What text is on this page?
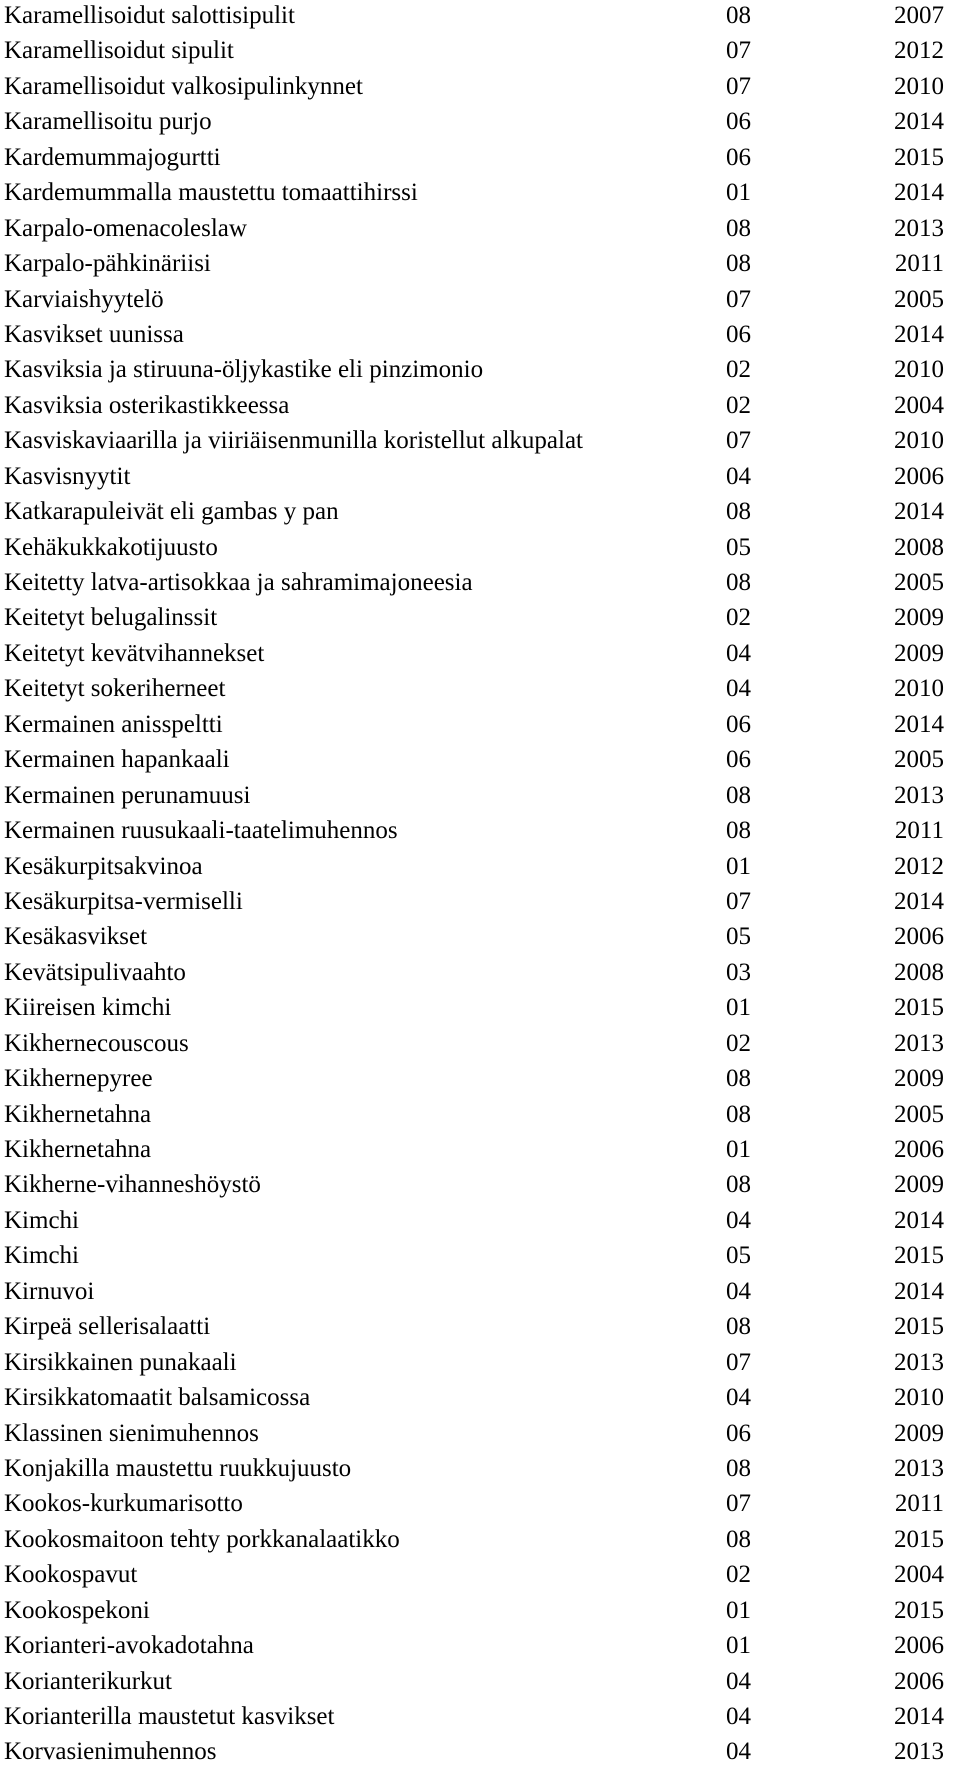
Karamellisoidut salottisipulit	08	2007
Karamellisoidut sipulit	07	2012
Karamellisoidut valkosipulinkynnet	07	2010
Karamellisoitu purjo	06	2014
Kardemummajogurtti	06	2015
Kardemummalla maustettu tomaattihirssi	01	2014
Karpalo-omenacoleslaw	08	2013
Karpalo-pähkinäriisi	08	2011
Karviaishyytelö	07	2005
Kasvikset uunissa	06	2014
Kasviksia ja stiruuna-öljykastike eli pinzimonio	02	2010
Kasviksia osterikastikkeessa	02	2004
Kasviskaviaarilla ja viiriäisenmunilla koristellut alkupalat	07	2010
Kasvisnyytit	04	2006
Katkarapuleivät eli gambas y pan	08	2014
Kehäkukkakotijuusto	05	2008
Keitetty latva-artisokkaa ja sahramimajoneesia	08	2005
Keitetyt belugalinssit	02	2009
Keitetyt kevätvihannekset	04	2009
Keitetyt sokeriherneet	04	2010
Kermainen anisspeltti	06	2014
Kermainen hapankaali	06	2005
Kermainen perunamuusi	08	2013
Kermainen ruusukaali-taatelimuhennos	08	2011
Kesäkurpitsakvinoa	01	2012
Kesäkurpitsa-vermiselli	07	2014
Kesäkasvikset	05	2006
Kevätsipulivaahto	03	2008
Kiireisen kimchi	01	2015
Kikhernecouscous	02	2013
Kikhernepyree	08	2009
Kikhernetahna	08	2005
Kikhernetahna	01	2006
Kikherne-vihanneshöystö	08	2009
Kimchi	04	2014
Kimchi	05	2015
Kirnuvoi	04	2014
Kirpeä sellerisalaatti	08	2015
Kirsikkainen punakaali	07	2013
Kirsikkatomaatit balsamicossa	04	2010
Klassinen sienimuhennos	06	2009
Konjakilla maustettu ruukkujuusto	08	2013
Kookos-kurkumarisotto	07	2011
Kookosmaitoon tehty porkkanalaatikko	08	2015
Kookospavut	02	2004
Kookospekoni	01	2015
Korianteri-avokadotahna	01	2006
Korianterikurkut	04	2006
Korianterilla maustetut kasvikset	04	2014
Korvasienimuhennos	04	2013
